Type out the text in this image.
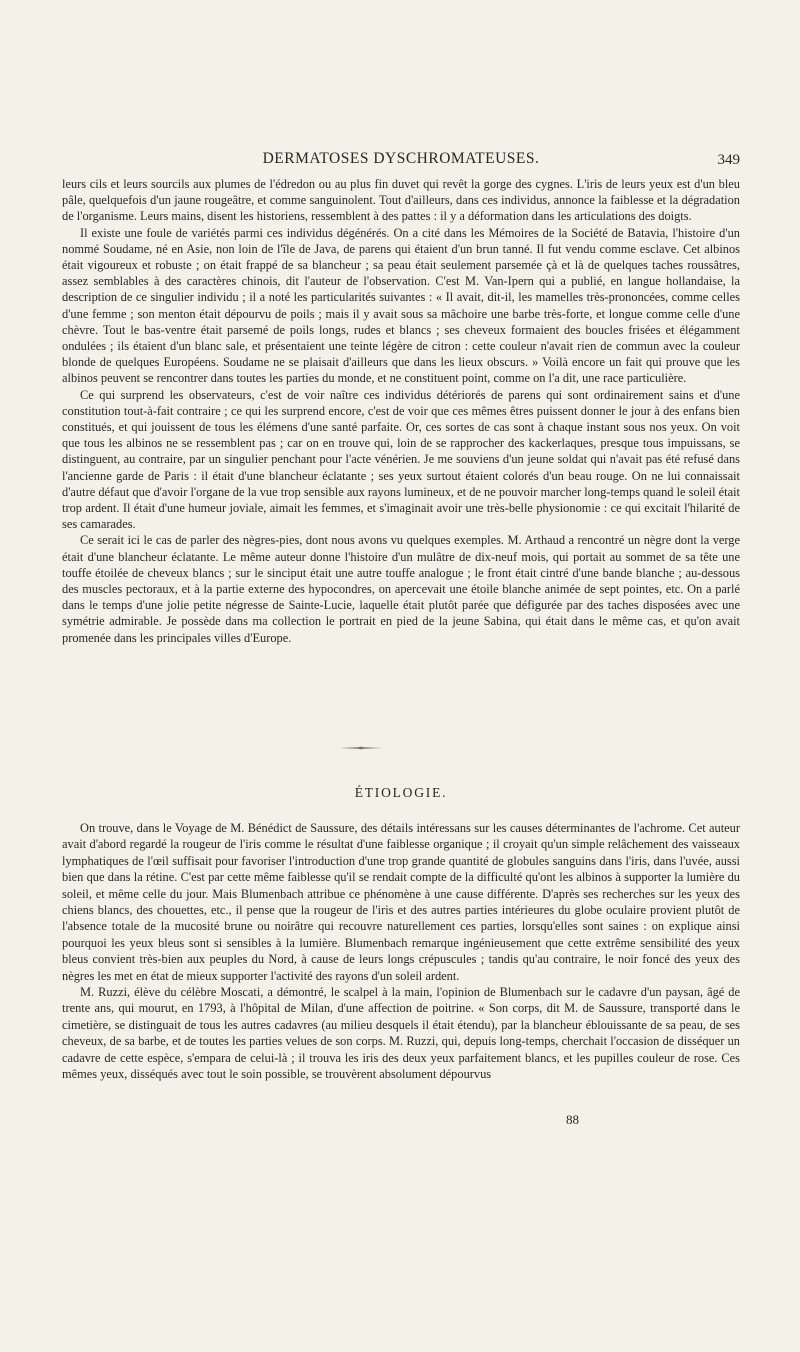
DERMATOSES DYSCHROMATEUSES.	349

leurs cils et leurs sourcils aux plumes de l'édredon ou au plus fin duvet qui revêt la gorge des cygnes. L'iris de leurs yeux est d'un bleu pâle, quelquefois d'un jaune rougeâtre, et comme sanguinolent. Tout d'ailleurs, dans ces individus, annonce la faiblesse et la dégradation de l'organisme. Leurs mains, disent les historiens, ressemblent à des pattes : il y a déformation dans les articulations des doigts.

Il existe une foule de variétés parmi ces individus dégénérés. On a cité dans les Mémoires de la Société de Batavia, l'histoire d'un nommé Soudame, né en Asie, non loin de l'île de Java, de parens qui étaient d'un brun tanné. Il fut vendu comme esclave. Cet albinos était vigoureux et robuste ; on était frappé de sa blancheur ; sa peau était seulement parsemée çà et là de quelques taches roussâtres, assez semblables à des caractères chinois, dit l'auteur de l'observation. C'est M. Van-Ipern qui a publié, en langue hollandaise, la description de ce singulier individu ; il a noté les particularités suivantes : « Il avait, dit-il, les mamelles très-prononcées, comme celles d'une femme ; son menton était dépourvu de poils ; mais il y avait sous sa mâchoire une barbe très-forte, et longue comme celle d'une chèvre. Tout le bas-ventre était parsemé de poils longs, rudes et blancs ; ses cheveux formaient des boucles frisées et élégamment ondulées ; ils étaient d'un blanc sale, et présentaient une teinte légère de citron : cette couleur n'avait rien de commun avec la couleur blonde de quelques Européens. Soudame ne se plaisait d'ailleurs que dans les lieux obscurs. » Voilà encore un fait qui prouve que les albinos peuvent se rencontrer dans toutes les parties du monde, et ne constituent point, comme on l'a dit, une race particulière.

Ce qui surprend les observateurs, c'est de voir naître ces individus détériorés de parens qui sont ordinairement sains et d'une constitution tout-à-fait contraire ; ce qui les surprend encore, c'est de voir que ces mêmes êtres puissent donner le jour à des enfans bien constitués, et qui jouissent de tous les élémens d'une santé parfaite. Or, ces sortes de cas sont à chaque instant sous nos yeux. On voit que tous les albinos ne se ressemblent pas ; car on en trouve qui, loin de se rapprocher des kackerlaques, presque tous impuissans, se distinguent, au contraire, par un singulier penchant pour l'acte vénérien. Je me souviens d'un jeune soldat qui n'avait pas été refusé dans l'ancienne garde de Paris : il était d'une blancheur éclatante ; ses yeux surtout étaient colorés d'un beau rouge. On ne lui connaissait d'autre défaut que d'avoir l'organe de la vue trop sensible aux rayons lumineux, et de ne pouvoir marcher long-temps quand le soleil était trop ardent. Il était d'une humeur joviale, aimait les femmes, et s'imaginait avoir une très-belle physionomie : ce qui excitait l'hilarité de ses camarades.

Ce serait ici le cas de parler des nègres-pies, dont nous avons vu quelques exemples. M. Arthaud a rencontré un nègre dont la verge était d'une blancheur éclatante. Le même auteur donne l'histoire d'un mulâtre de dix-neuf mois, qui portait au sommet de sa tête une touffe étoilée de cheveux blancs ; sur le sinciput était une autre touffe analogue ; le front était cintré d'une bande blanche ; au-dessous des muscles pectoraux, et à la partie externe des hypocondres, on apercevait une étoile blanche animée de sept pointes, etc. On a parlé dans le temps d'une jolie petite négresse de Sainte-Lucie, laquelle était plutôt parée que défigurée par des taches disposées avec une symétrie admirable. Je possède dans ma collection le portrait en pied de la jeune Sabina, qui était dans le même cas, et qu'on avait promenée dans les principales villes d'Europe.

ÉTIOLOGIE.

On trouve, dans le Voyage de M. Bénédict de Saussure, des détails intéressans sur les causes déterminantes de l'achrome. Cet auteur avait d'abord regardé la rougeur de l'iris comme le résultat d'une faiblesse organique ; il croyait qu'un simple relâchement des vaisseaux lymphatiques de l'œil suffisait pour favoriser l'introduction d'une trop grande quantité de globules sanguins dans l'iris, dans l'uvée, aussi bien que dans la rétine. C'est par cette même faiblesse qu'il se rendait compte de la difficulté qu'ont les albinos à supporter la lumière du soleil, et même celle du jour. Mais Blumenbach attribue ce phénomène à une cause différente. D'après ses recherches sur les yeux des chiens blancs, des chouettes, etc., il pense que la rougeur de l'iris et des autres parties intérieures du globe oculaire provient plutôt de l'absence totale de la mucosité brune ou noirâtre qui recouvre naturellement ces parties, lorsqu'elles sont saines : on explique ainsi pourquoi les yeux bleus sont si sensibles à la lumière. Blumenbach remarque ingénieusement que cette extrême sensibilité des yeux bleus convient très-bien aux peuples du Nord, à cause de leurs longs crépuscules ; tandis qu'au contraire, le noir foncé des yeux des nègres les met en état de mieux supporter l'activité des rayons d'un soleil ardent.

M. Ruzzi, élève du célèbre Moscati, a démontré, le scalpel à la main, l'opinion de Blumenbach sur le cadavre d'un paysan, âgé de trente ans, qui mourut, en 1793, à l'hôpital de Milan, d'une affection de poitrine. « Son corps, dit M. de Saussure, transporté dans le cimetière, se distinguait de tous les autres cadavres (au milieu desquels il était étendu), par la blancheur éblouissante de sa peau, de ses cheveux, de sa barbe, et de toutes les parties velues de son corps. M. Ruzzi, qui, depuis long-temps, cherchait l'occasion de disséquer un cadavre de cette espèce, s'empara de celui-là ; il trouva les iris des deux yeux parfaitement blancs, et les pupilles couleur de rose. Ces mêmes yeux, disséqués avec tout le soin possible, se trouvèrent absolument dépourvus

88
